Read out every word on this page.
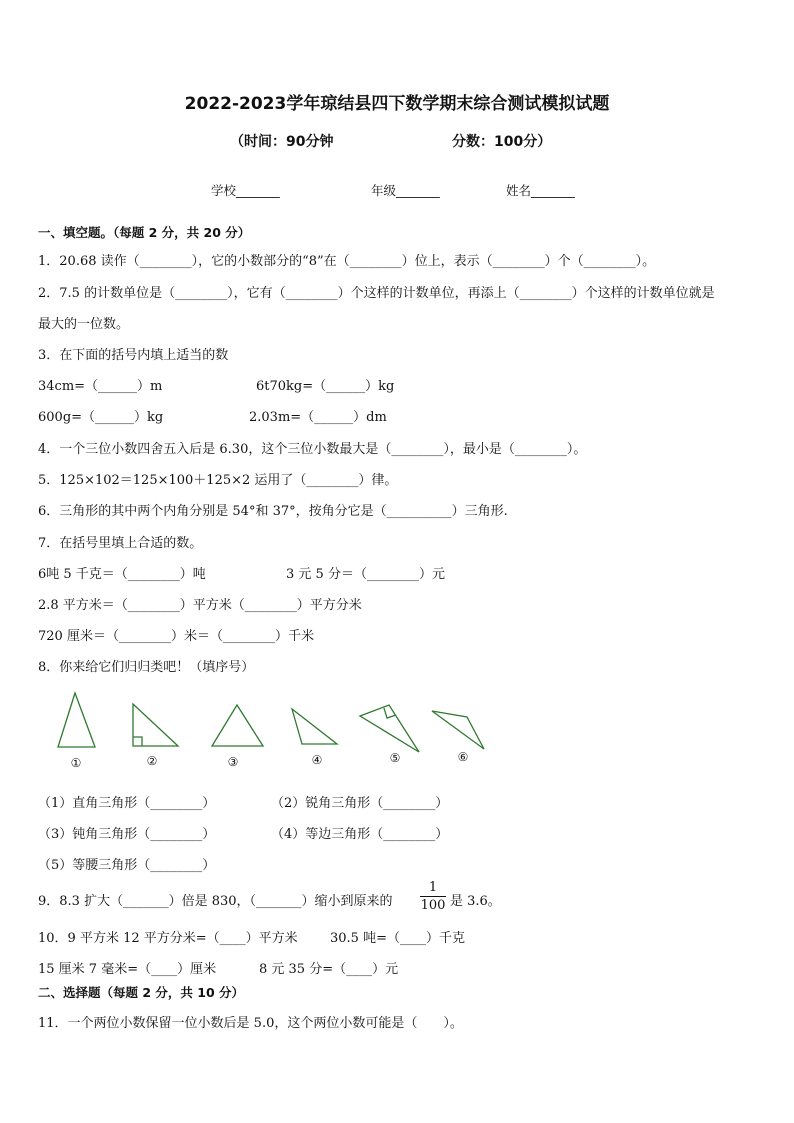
2022-2023学年琼结县四下数学期末综合测试模拟试题
（时间：90分钟	分数：100分）
学校_______	年级_______	姓名_______
一、填空题。（每题 2 分，共 20 分）
1．20.68 读作（________），它的小数部分的“8”在（________）位上，表示（________）个（________）。
2．7.5 的计数单位是（________），它有（________）个这样的计数单位，再添上（________）个这样的计数单位就是
最大的一位数。
3．在下面的括号内填上适当的数
34cm=（______）m	6t70kg=（______）kg
600g=（______）kg	2.03m=（______）dm
4．一个三位小数四舍五入后是 6.30，这个三位小数最大是（________），最小是（________）。
5．125×102＝125×100＋125×2 运用了（________）律。
6．三角形的其中两个内角分别是 54°和 37°，按角分它是（__________）三角形.
7．在括号里填上合适的数。
6吨 5 千克＝（________）吨	3 元 5 分＝（________）元
2.8 平方米＝（________）平方米（________）平方分米
720 厘米＝（________）米＝（________）千米
8．你来给它们归归类吧！（填序号）
①	②	③	④	⑤	⑥
（1）直角三角形（________）	（2）锐角三角形（________）
（3）钝角三角形（________）	（4）等边三角形（________）
（5）等腰三角形（________）
9．8.3 扩大（_______）倍是 830，（_______）缩小到原来的
1
100 是 3.6。
10．9 平方米 12 平方分米=（____）平方米 30.5 吨=（____）千克
15 厘米 7 毫米=（____）厘米	8 元 35 分=（____）元
二、选择题（每题 2 分，共 10 分）
11．一个两位小数保留一位小数后是 5.0，这个两位小数可能是（　　）。
